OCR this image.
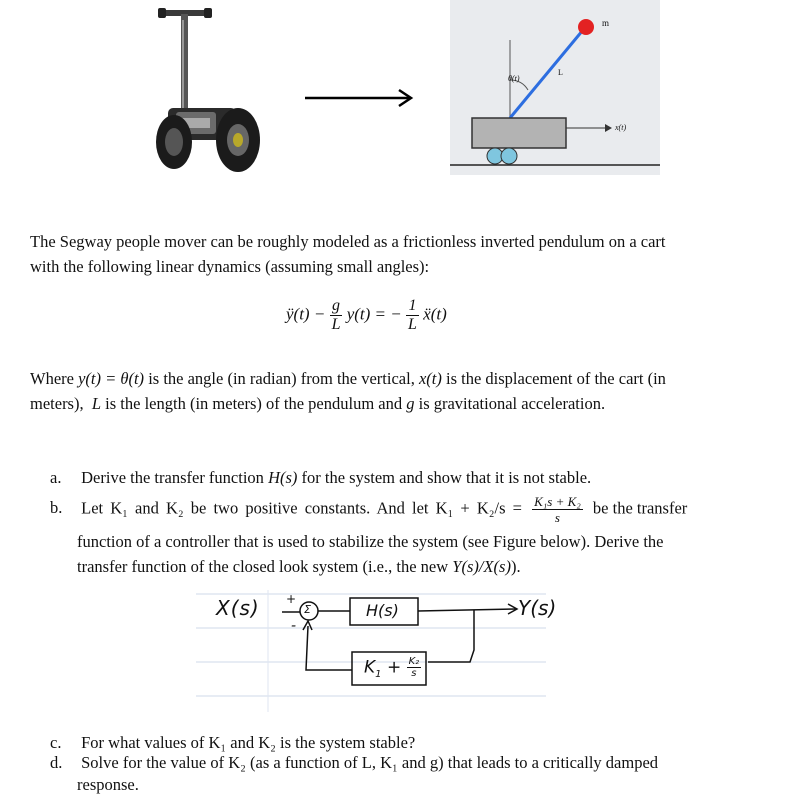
m
θ(t)
L
x(t)
The Segway people mover can be roughly modeled as a frictionless inverted pendulum on a cart
with the following linear dynamics (assuming small angles):
ÿ(t) − $\frac{g}{L} y(t)$ = − $\frac{1}{L}$ ẍ(t)
Where y(t) = θ(t) is the angle (in radian) from the vertical, x(t) is the displacement of the cart (in
meters), L is the length (in meters) of the pendulum and g is gravitational acceleration.
a. Derive the transfer function H(s) for the system and show that it is not stable.
b. Let K₁ and K₂ be two positive constants. And let $K_1 + K_2/s = \frac{\text{K₁s + K₂}}{s}$ be the transfer
function of a controller that is used to stabilize the system (see Figure below). Derive the
transfer function of the closed look system (i.e., the new Y(s)/X(s)).
X(s) +
-
Σ	H(s)	Y(s)
$K_1 + \frac{\text{K₂}}{s}$
c. For what values of K₁ and K₂ is the system stable?
d. Solve for the value of K₂ (as a function of L, K₁ and g) that leads to a critically damped
response.
